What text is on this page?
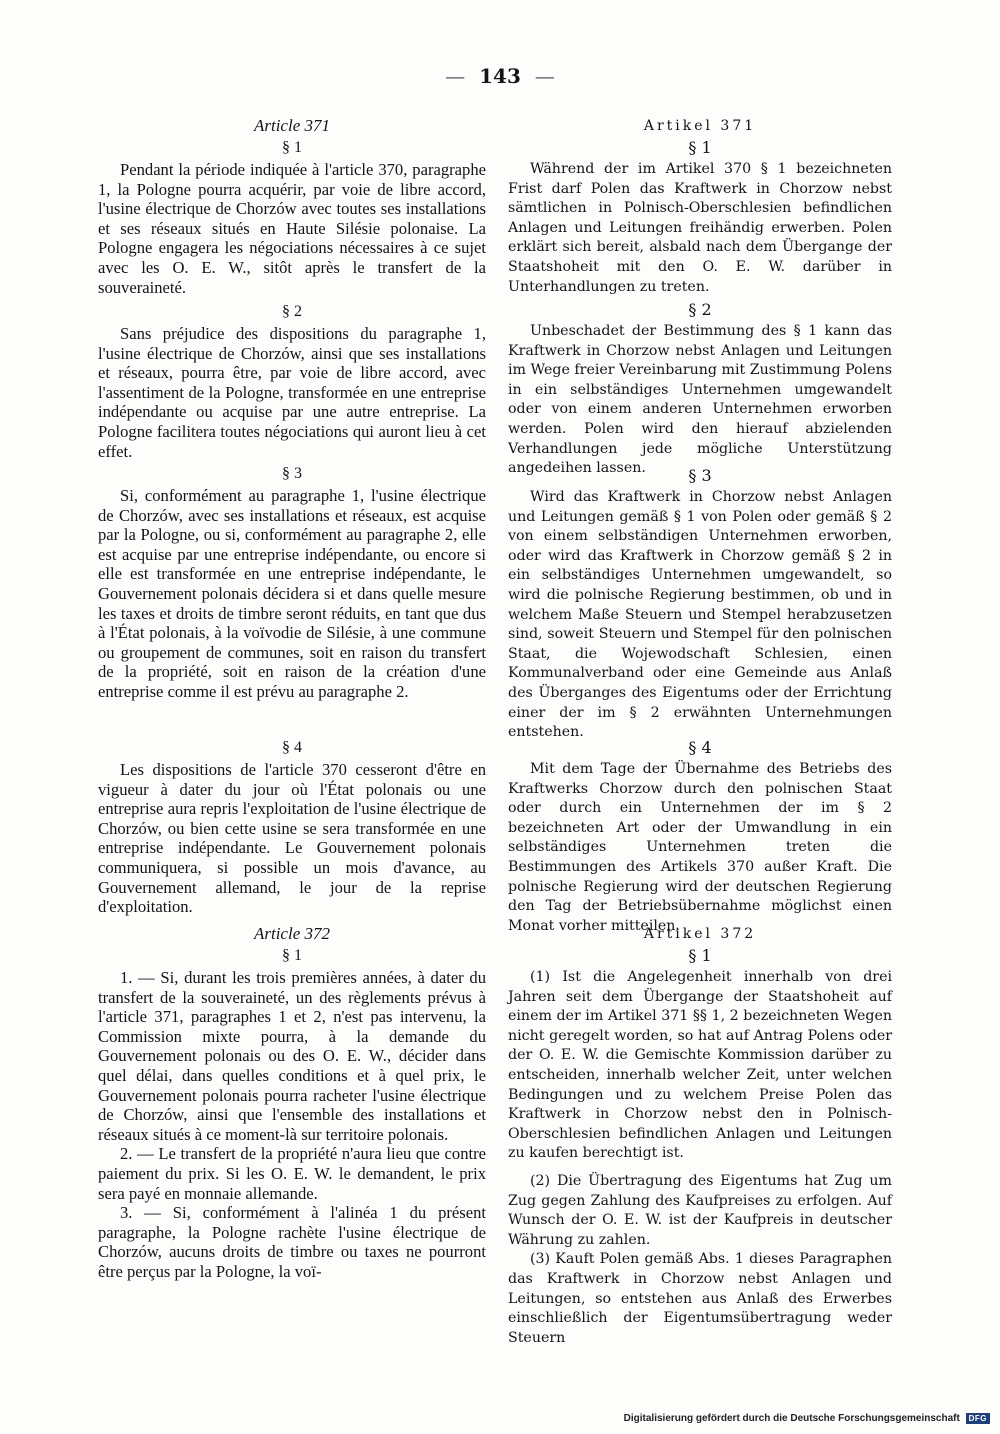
— 143 —
Article 371
§ 1

Pendant la période indiquée à l'article 370, paragraphe 1, la Pologne pourra acquérir, par voie de libre accord, l'usine électrique de Chorzów avec toutes ses installations et ses réseaux situés en Haute Silésie polonaise. La Pologne engagera les négociations nécessaires à ce sujet avec les O. E. W., sitôt après le transfert de la souveraineté.

§ 2

Sans préjudice des dispositions du paragraphe 1, l'usine électrique de Chorzów, ainsi que ses installations et réseaux, pourra être, par voie de libre accord, avec l'assentiment de la Pologne, transformée en une entreprise indépendante ou acquise par une autre entreprise. La Pologne facilitera toutes négociations qui auront lieu à cet effet.

§ 3

Si, conformément au paragraphe 1, l'usine électrique de Chorzów, avec ses installations et réseaux, est acquise par la Pologne, ou si, conformément au paragraphe 2, elle est acquise par une entreprise indépendante, ou encore si elle est transformée en une entreprise indépendante, le Gouvernement polonais décidera si et dans quelle mesure les taxes et droits de timbre seront réduits, en tant que dus à l'État polonais, à la voïvodie de Silésie, à une commune ou groupement de communes, soit en raison du transfert de la propriété, soit en raison de la création d'une entreprise comme il est prévu au paragraphe 2.

§ 4

Les dispositions de l'article 370 cesseront d'être en vigueur à dater du jour où l'État polonais ou une entreprise aura repris l'exploitation de l'usine électrique de Chorzów, ou bien cette usine se sera transformée en une entreprise indépendante. Le Gouvernement polonais communiquera, si possible un mois d'avance, au Gouvernement allemand, le jour de la reprise d'exploitation.

Article 372
§ 1

1. — Si, durant les trois premières années, à dater du transfert de la souveraineté, un des règlements prévus à l'article 371, paragraphes 1 et 2, n'est pas intervenu, la Commission mixte pourra, à la demande du Gouvernement polonais ou des O. E. W., décider dans quel délai, dans quelles conditions et à quel prix, le Gouvernement polonais pourra racheter l'usine électrique de Chorzów, ainsi que l'ensemble des installations et réseaux situés à ce moment-là sur territoire polonais.

2. — Le transfert de la propriété n'aura lieu que contre paiement du prix. Si les O. E. W. le demandent, le prix sera payé en monnaie allemande.

3. — Si, conformément à l'alinéa 1 du présent paragraphe, la Pologne rachète l'usine électrique de Chorzów, aucuns droits de timbre ou taxes ne pourront être perçus par la Pologne, la voï-

Artikel 371
§ 1

Während der im Artikel 370 § 1 bezeichneten Frist darf Polen das Kraftwerk in Chorzow nebst sämtlichen in Polnisch-Oberschlesien befindlichen Anlagen und Leitungen freihändig erwerben. Polen erklärt sich bereit, alsbald nach dem Übergange der Staatshoheit mit den O. E. W. darüber in Unterhandlungen zu treten.

§ 2

Unbeschadet der Bestimmung des § 1 kann das Kraftwerk in Chorzow nebst Anlagen und Leitungen im Wege freier Vereinbarung mit Zustimmung Polens in ein selbständiges Unternehmen umgewandelt oder von einem anderen Unternehmen erworben werden. Polen wird den hierauf abzielenden Verhandlungen jede mögliche Unterstützung angedeihen lassen.	§ 3

Wird das Kraftwerk in Chorzow nebst Anlagen und Leitungen gemäß § 1 von Polen oder gemäß § 2 von einem selbständigen Unternehmen erworben, oder wird das Kraftwerk in Chorzow gemäß § 2 in ein selbständiges Unternehmen umgewandelt, so wird die polnische Regierung bestimmen, ob und in welchem Maße Steuern und Stempel herabzusetzen sind, soweit Steuern und Stempel für den polnischen Staat, die Wojewodschaft Schlesien, einen Kommunalverband oder eine Gemeinde aus Anlaß des Überganges des Eigentums oder der Errichtung einer der im § 2 erwähnten Unternehmungen entstehen.

§ 4

Mit dem Tage der Übernahme des Betriebs des Kraftwerks Chorzow durch den polnischen Staat oder durch ein Unternehmen der im § 2 bezeichneten Art oder der Umwandlung in ein selbständiges Unternehmen treten die Bestimmungen des Artikels 370 außer Kraft. Die polnische Regierung wird der deutschen Regierung den Tag der Betriebsübernahme möglichst einen Monat vorher mitteilen.

Artikel 372
§ 1

(1) Ist die Angelegenheit innerhalb von drei Jahren seit dem Übergange der Staatshoheit auf einem der im Artikel 371 §§ 1, 2 bezeichneten Wegen nicht geregelt worden, so hat auf Antrag Polens oder der O. E. W. die Gemischte Kommission darüber zu entscheiden, innerhalb welcher Zeit, unter welchen Bedingungen und zu welchem Preise Polen das Kraftwerk in Chorzow nebst den in Polnisch-Oberschlesien befindlichen Anlagen und Leitungen zu kaufen berechtigt ist.

(2) Die Übertragung des Eigentums hat Zug um Zug gegen Zahlung des Kaufpreises zu erfolgen. Auf Wunsch der O. E. W. ist der Kaufpreis in deutscher Währung zu zahlen.

(3) Kauft Polen gemäß Abs. 1 dieses Paragraphen das Kraftwerk in Chorzow nebst Anlagen und Leitungen, so entstehen aus Anlaß des Erwerbes einschließlich der Eigentumsübertragung weder Steuern

Digitalisierung gefördert durch die Deutsche Forschungsgemeinschaft DFG
